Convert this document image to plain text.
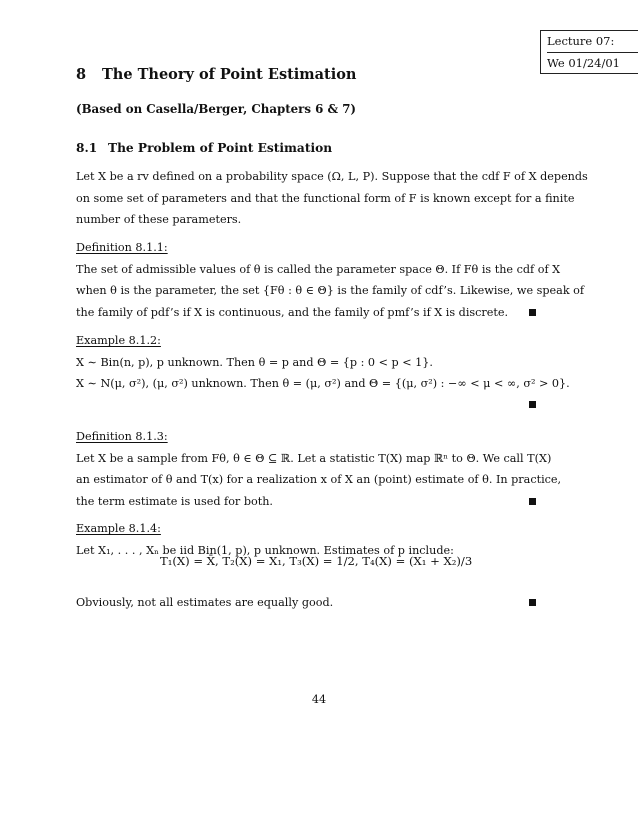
Lecture 07:
We 01/24/01
8 The Theory of Point Estimation
(Based on Casella/Berger, Chapters 6 & 7)
8.1 The Problem of Point Estimation
Let X be a rv defined on a probability space (Ω, L, P). Suppose that the cdf F of X depends
on some set of parameters and that the functional form of F is known except for a finite
number of these parameters.
Definition 8.1.1:
The set of admissible values of θ is called the parameter space Θ. If Fθ is the cdf of X
when θ is the parameter, the set {Fθ : θ ∈ Θ} is the family of cdf’s. Likewise, we speak of
the family of pdf’s if X is continuous, and the family of pmf’s if X is discrete.
Example 8.1.2:
X ∼ Bin(n, p), p unknown. Then θ = p and Θ = {p : 0 < p < 1}.
X ∼ N(μ, σ²), (μ, σ²) unknown. Then θ = (μ, σ²) and Θ = {(μ, σ²) : −∞ < μ < ∞, σ² > 0}.
Definition 8.1.3:
Let X be a sample from Fθ, θ ∈ Θ ⊆ ℝ. Let a statistic T(X) map ℝⁿ to Θ. We call T(X)
an estimator of θ and T(x) for a realization x of X an (point) estimate of θ. In practice,
the term estimate is used for both.
Example 8.1.4:
Let X₁, . . . , Xₙ be iid Bin(1, p), p unknown. Estimates of p include:
T₁(X) = X̄, T₂(X) = X₁, T₃(X) = 1/2, T₄(X) = (X₁ + X₂)/3
Obviously, not all estimates are equally good.
44
